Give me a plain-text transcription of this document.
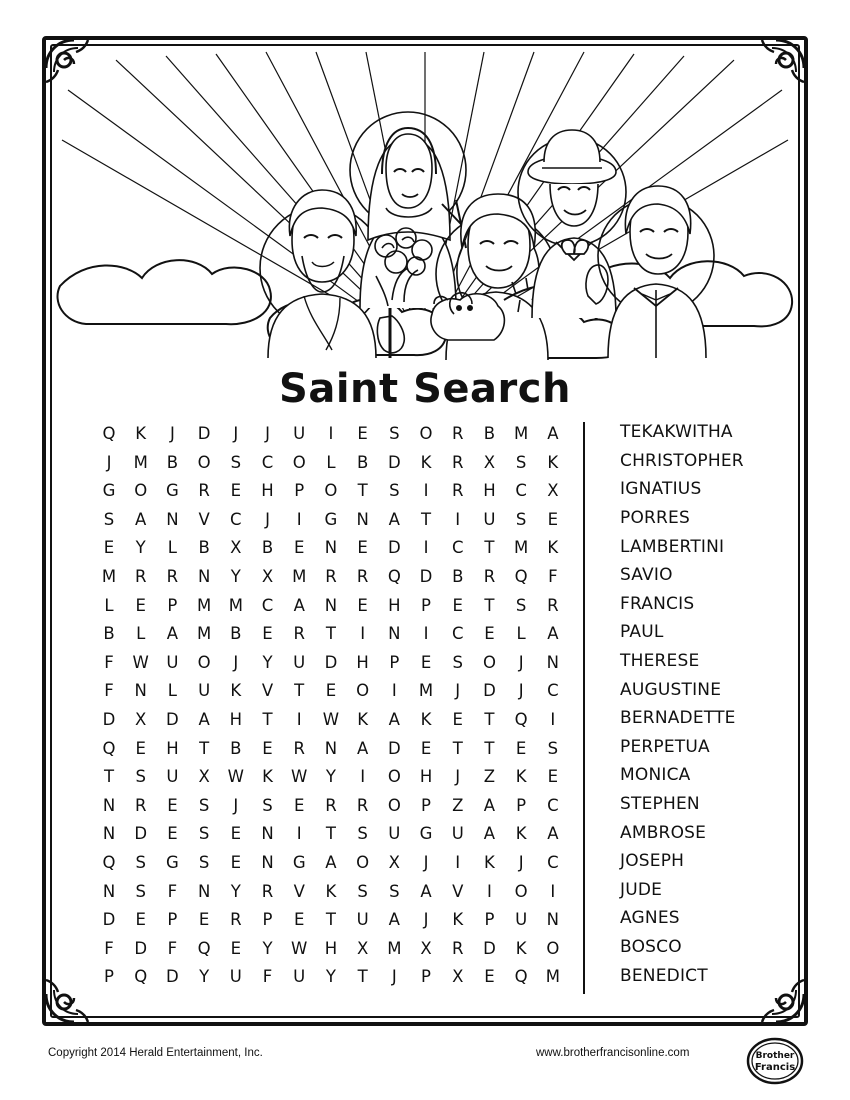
Saint Search
Q	K	J	D	J	J	U	I	E	S	O	R	B	M	A
J	M	B	O	S	C	O	L	B	D	K	R	X	S	K
G	O	G	R	E	H	P	O	T	S	I	R	H	C	X
S	A	N	V	C	J	I	G	N	A	T	I	U	S	E
E	Y	L	B	X	B	E	N	E	D	I	C	T	M	K
M	R	R	N	Y	X	M	R	R	Q	D	B	R	Q	F
L	E	P	M	M	C	A	N	E	H	P	E	T	S	R
B	L	A	M	B	E	R	T	I	N	I	C	E	L	A
F	W	U	O	J	Y	U	D	H	P	E	S	O	J	N
F	N	L	U	K	V	T	E	O	I	M	J	D	J	C
D	X	D	A	H	T	I	W	K	A	K	E	T	Q	I
Q	E	H	T	B	E	R	N	A	D	E	T	T	E	S
T	S	U	X	W	K	W	Y	I	O	H	J	Z	K	E
N	R	E	S	J	S	E	R	R	O	P	Z	A	P	C
N	D	E	S	E	N	I	T	S	U	G	U	A	K	A
Q	S	G	S	E	N	G	A	O	X	J	I	K	J	C
N	S	F	N	Y	R	V	K	S	S	A	V	I	O	I
D	E	P	E	R	P	E	T	U	A	J	K	P	U	N
F	D	F	Q	E	Y	W	H	X	M	X	R	D	K	O
P	Q	D	Y	U	F	U	Y	T	J	P	X	E	Q	M
TEKAKWITHA
CHRISTOPHER
IGNATIUS
PORRES
LAMBERTINI
SAVIO
FRANCIS
PAUL
THERESE
AUGUSTINE
BERNADETTE
PERPETUA
MONICA
STEPHEN
AMBROSE
JOSEPH
JUDE
AGNES
BOSCO
BENEDICT
Copyright 2014 Herald Entertainment, Inc.	www.brotherfrancisonline.com	Brother
Francis
